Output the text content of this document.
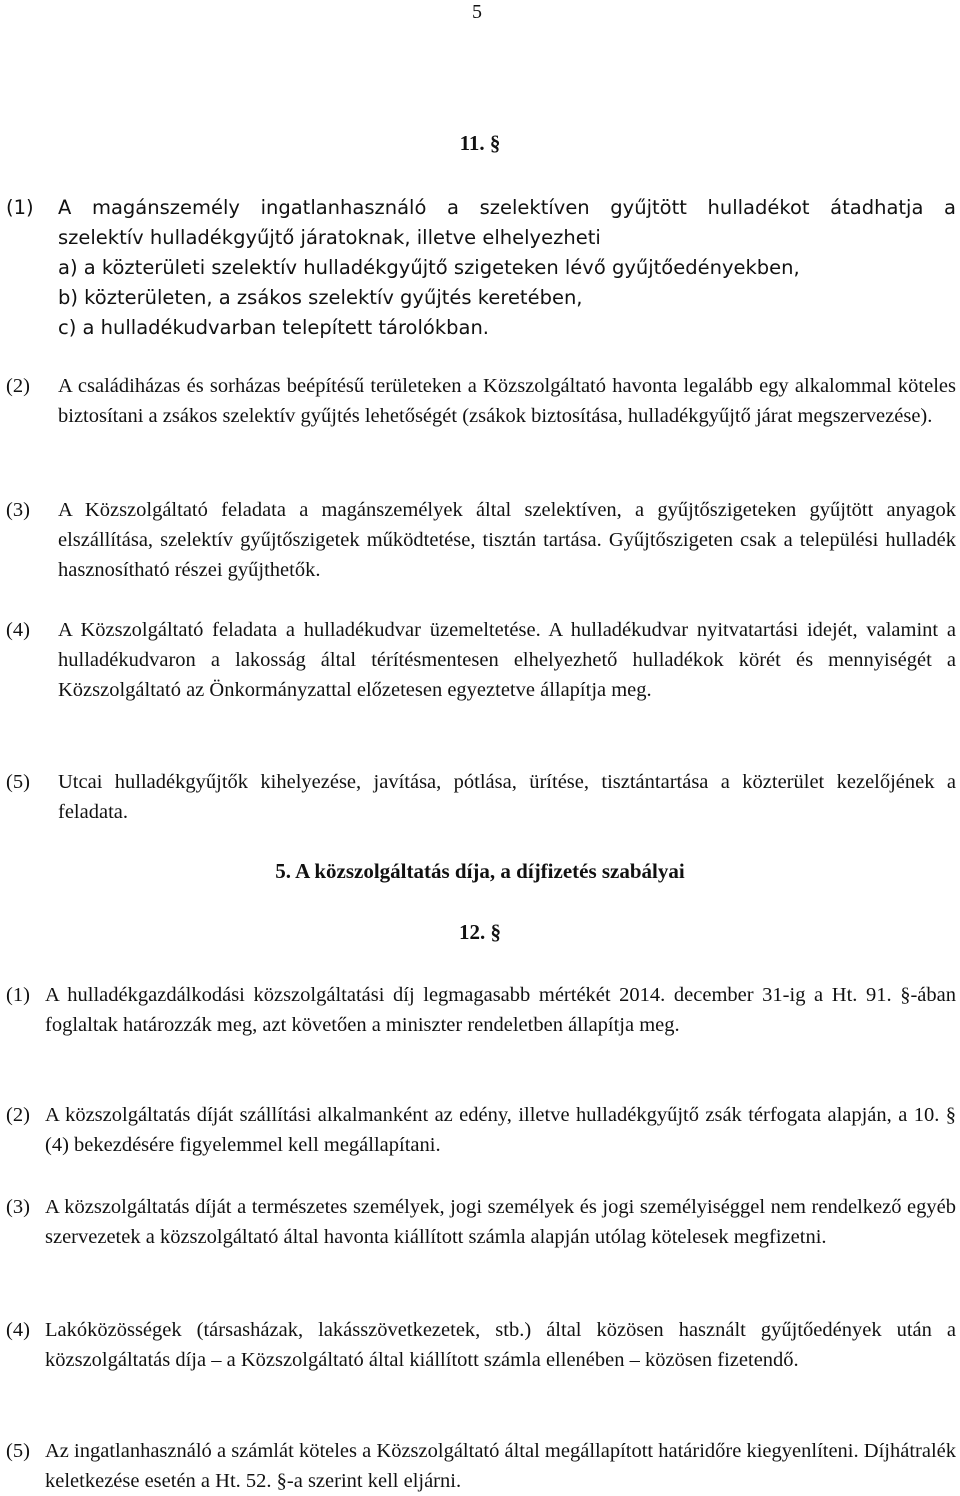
5
11. §
(1)	A magánszemély ingatlanhasználó a szelektíven gyűjtött hulladékot átadhatja a
szelektív hulladékgyűjtő járatoknak, illetve elhelyezheti
a) a közterületi szelektív hulladékgyűjtő szigeteken lévő gyűjtőedényekben,
b) közterületen, a zsákos szelektív gyűjtés keretében,
c) a hulladékudvarban telepített tárolókban.
(2)	A családiházas és sorházas beépítésű területeken a Közszolgáltató havonta legalább egy alkalommal köteles biztosítani a zsákos szelektív gyűjtés lehetőségét (zsákok biztosítása, hulladékgyűjtő járat megszervezése).
(3)	A Közszolgáltató feladata a magánszemélyek által szelektíven, a gyűjtőszigeteken gyűjtött anyagok elszállítása, szelektív gyűjtőszigetek működtetése, tisztán tartása. Gyűjtőszigeten csak a települési hulladék hasznosítható részei gyűjthetők.
(4)	A Közszolgáltató feladata a hulladékudvar üzemeltetése. A hulladékudvar nyitvatartási idejét, valamint a hulladékudvaron a lakosság által térítésmentesen elhelyezhető hulladékok körét és mennyiségét a Közszolgáltató az Önkormányzattal előzetesen egyeztetve állapítja meg.
(5)	Utcai hulladékgyűjtők kihelyezése, javítása, pótlása, ürítése, tisztántartása a közterület kezelőjének a feladata.
5. A közszolgáltatás díja, a díjfizetés szabályai
12. §
(1) A hulladékgazdálkodási közszolgáltatási díj legmagasabb mértékét 2014. december 31-ig a Ht. 91. §-ában foglaltak határozzák meg, azt követően a miniszter rendeletben állapítja meg.
(2) A közszolgáltatás díját szállítási alkalmanként az edény, illetve hulladékgyűjtő zsák térfogata alapján, a 10. § (4) bekezdésére figyelemmel kell megállapítani.
(3) A közszolgáltatás díját a természetes személyek, jogi személyek és jogi személyiséggel nem rendelkező egyéb szervezetek a közszolgáltató által havonta kiállított számla alapján utólag kötelesek megfizetni.
(4) Lakóközösségek (társasházak, lakásszövetkezetek, stb.) által közösen használt gyűjtőedények után a közszolgáltatás díja – a Közszolgáltató által kiállított számla ellenében – közösen fizetendő.
(5) Az ingatlanhasználó a számlát köteles a Közszolgáltató által megállapított határidőre kiegyenlíteni. Díjhátralék keletkezése esetén a Ht. 52. §-a szerint kell eljárni.
